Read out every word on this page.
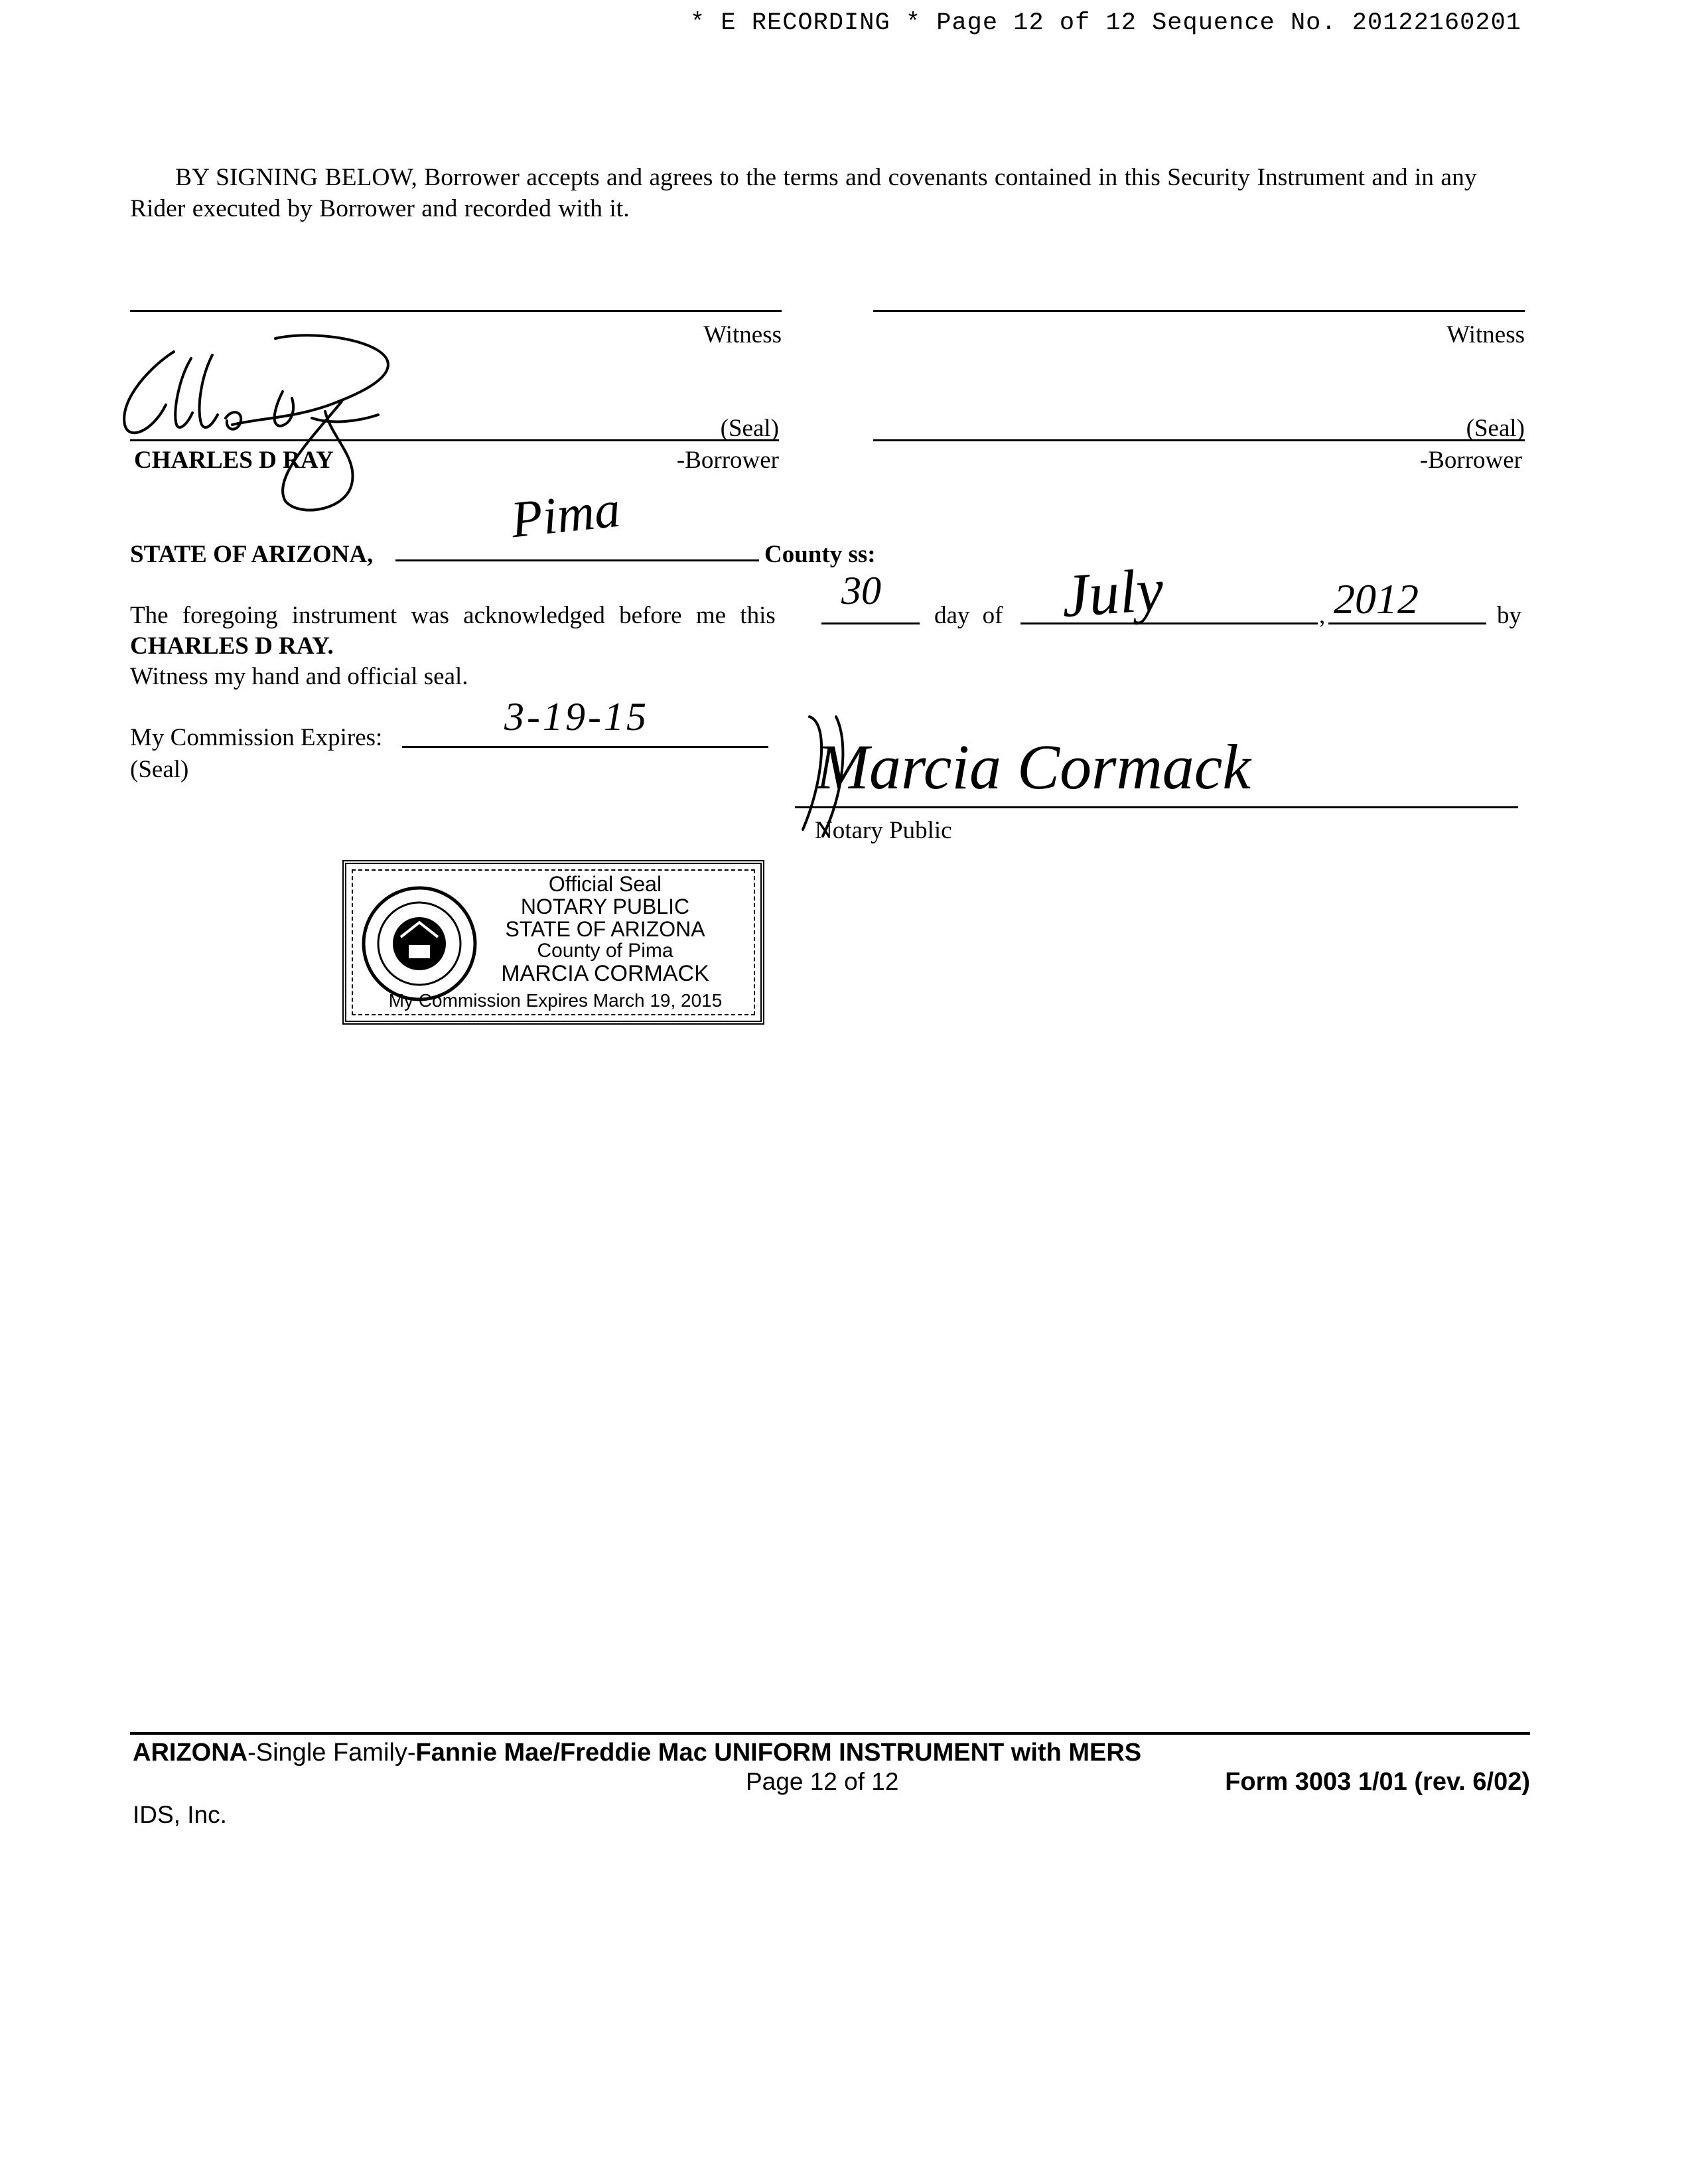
* E RECORDING * Page 12 of 12 Sequence No. 20122160201
BY SIGNING BELOW, Borrower accepts and agrees to the terms and covenants contained in this Security Instrument and in any Rider executed by Borrower and recorded with it.
Witness	Witness
(Seal)	(Seal)
CHARLES D RAY	-Borrower	-Borrower
STATE OF ARIZONA,
Pima
County ss:
The foregoing instrument was acknowledged before me this
30
day of July	, 2012	by
CHARLES D RAY.
Witness my hand and official seal.
My Commission Expires:	3-19-15
(Seal)	Marcia Cormack
Notary Public
Official Seal
NOTARY PUBLIC
STATE OF ARIZONA
County of Pima
MARCIA CORMACK
My Commission Expires March 19, 2015
ARIZONA-Single Family-Fannie Mae/Freddie Mac UNIFORM INSTRUMENT with MERS
Page 12 of 12	Form 3003 1/01 (rev. 6/02)
IDS, Inc.
